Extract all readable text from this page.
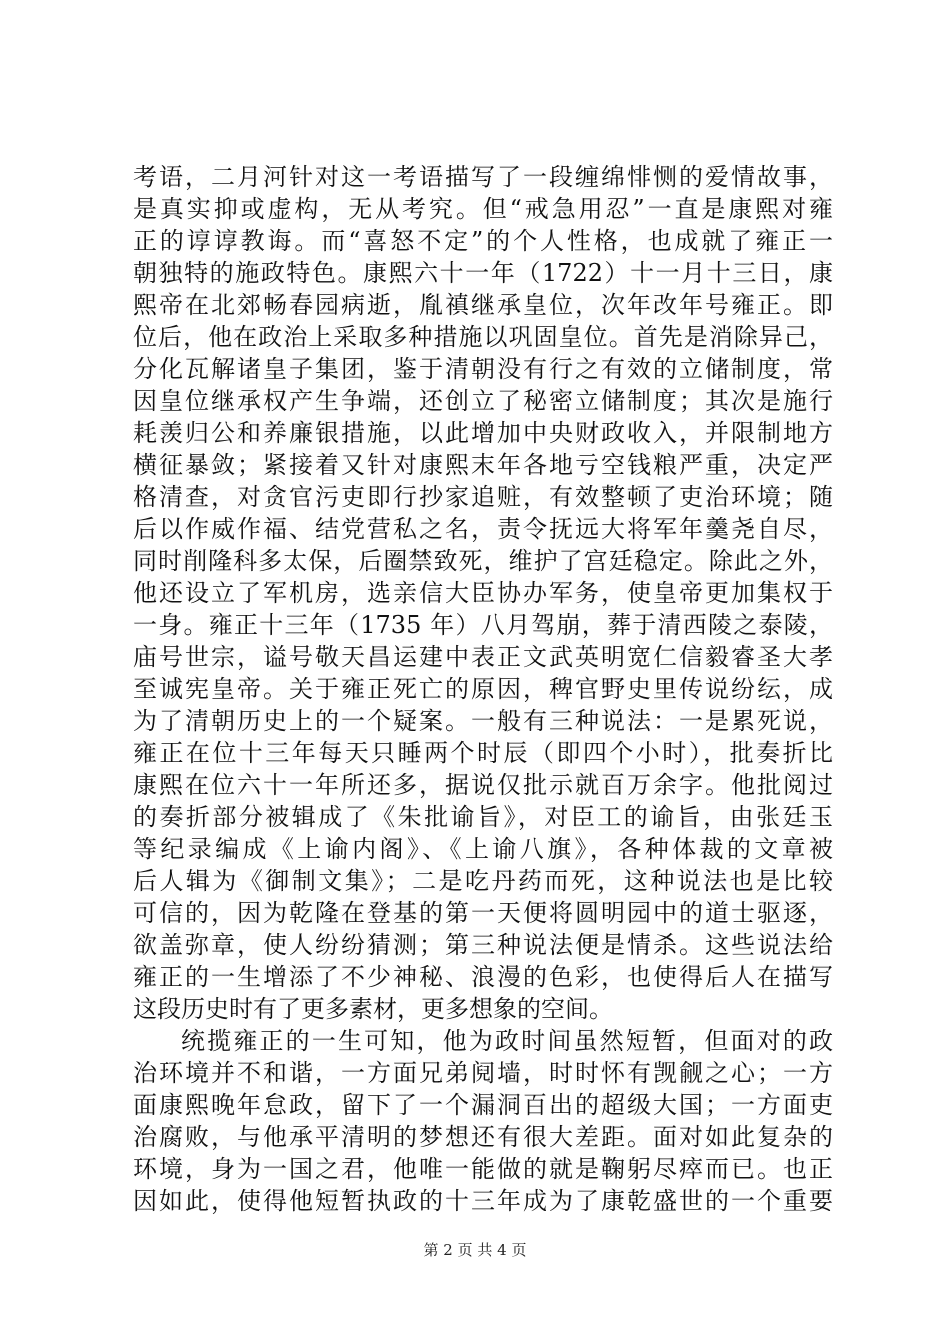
考语，二月河针对这一考语描写了一段缠绵悱恻的爱情故事，
是真实抑或虚构，无从考究。但“戒急用忍”一直是康熙对雍
正的谆谆教诲。而“喜怒不定”的个人性格，也成就了雍正一
朝独特的施政特色。康熙六十一年（1722）十一月十三日，康
熙帝在北郊畅春园病逝，胤禛继承皇位，次年改年号雍正。即
位后，他在政治上采取多种措施以巩固皇位。首先是消除异己，
分化瓦解诸皇子集团，鉴于清朝没有行之有效的立储制度，常
因皇位继承权产生争端，还创立了秘密立储制度；其次是施行
耗羡归公和养廉银措施，以此增加中央财政收入，并限制地方
横征暴敛；紧接着又针对康熙末年各地亏空钱粮严重，决定严
格清查，对贪官污吏即行抄家追赃，有效整顿了吏治环境；随
后以作威作福、结党营私之名，责令抚远大将军年羹尧自尽，
同时削隆科多太保，后圈禁致死，维护了宫廷稳定。除此之外，
他还设立了军机房，选亲信大臣协办军务，使皇帝更加集权于
一身。雍正十三年（1735 年）八月驾崩，葬于清西陵之泰陵，
庙号世宗，谥号敬天昌运建中表正文武英明宽仁信毅睿圣大孝
至诚宪皇帝。关于雍正死亡的原因，稗官野史里传说纷纭，成
为了清朝历史上的一个疑案。一般有三种说法：一是累死说，
雍正在位十三年每天只睡两个时辰（即四个小时），批奏折比
康熙在位六十一年所还多，据说仅批示就百万余字。他批阅过
的奏折部分被辑成了《朱批谕旨》，对臣工的谕旨，由张廷玉
等纪录编成《上谕内阁》、《上谕八旗》，各种体裁的文章被
后人辑为《御制文集》；二是吃丹药而死，这种说法也是比较
可信的，因为乾隆在登基的第一天便将圆明园中的道士驱逐，
欲盖弥章，使人纷纷猜测；第三种说法便是情杀。这些说法给
雍正的一生增添了不少神秘、浪漫的色彩，也使得后人在描写
这段历史时有了更多素材，更多想象的空间。
统揽雍正的一生可知，他为政时间虽然短暂，但面对的政
治环境并不和谐，一方面兄弟阋墙，时时怀有觊觎之心；一方
面康熙晚年怠政，留下了一个漏洞百出的超级大国；一方面吏
治腐败，与他承平清明的梦想还有很大差距。面对如此复杂的
环境，身为一国之君，他唯一能做的就是鞠躬尽瘁而已。也正
因如此，使得他短暂执政的十三年成为了康乾盛世的一个重要
第 2 页 共 4 页
